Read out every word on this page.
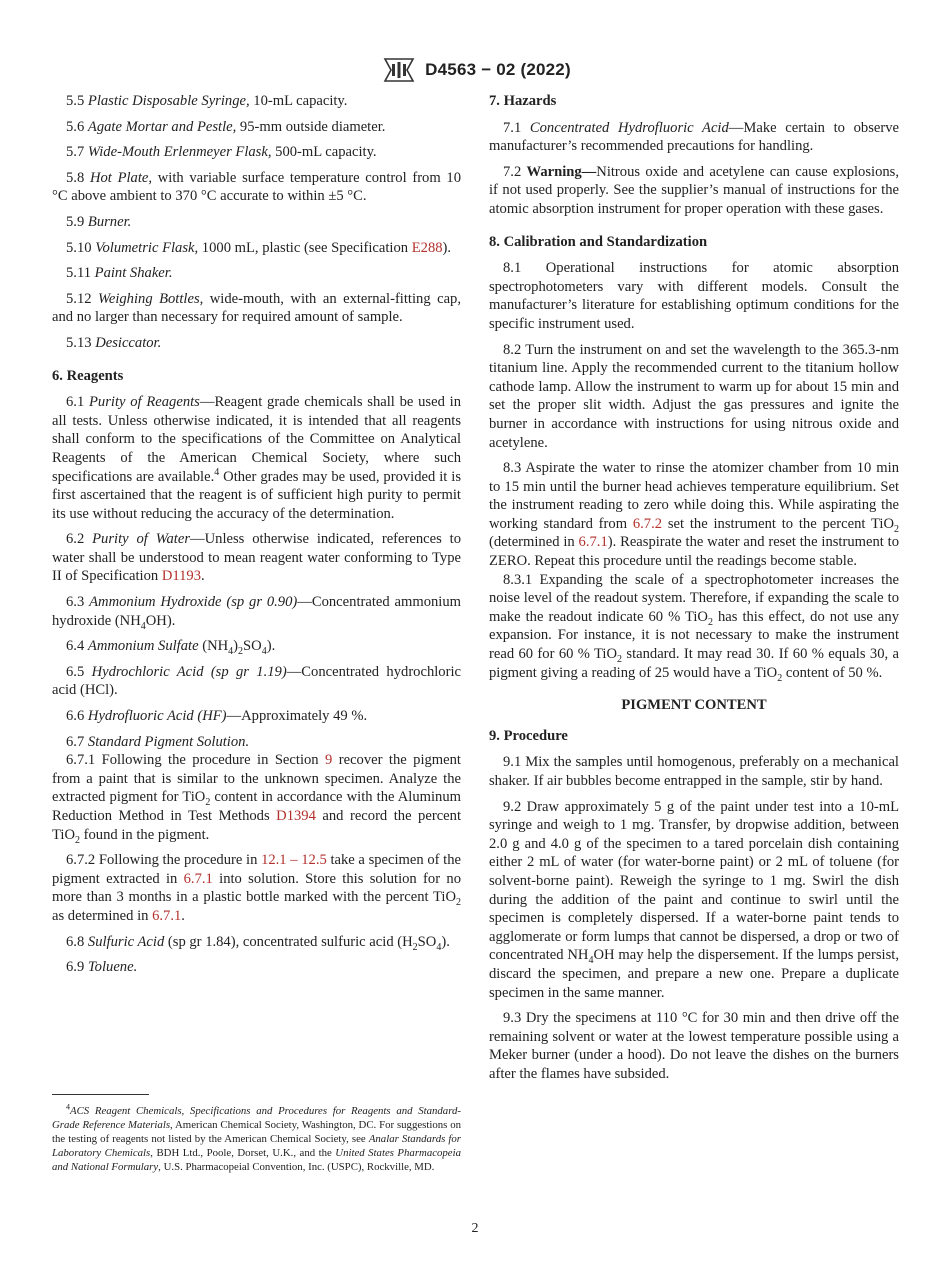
D4563 − 02 (2022)

5.5 Plastic Disposable Syringe, 10-mL capacity.

5.6 Agate Mortar and Pestle, 95-mm outside diameter.

5.7 Wide-Mouth Erlenmeyer Flask, 500-mL capacity.

5.8 Hot Plate, with variable surface temperature control from 10 °C above ambient to 370 °C accurate to within ±5 °C.

5.9 Burner.

5.10 Volumetric Flask, 1000 mL, plastic (see Specification E288).

5.11 Paint Shaker.

5.12 Weighing Bottles, wide-mouth, with an external-fitting cap, and no larger than necessary for required amount of sample.

5.13 Desiccator.

6. Reagents

6.1 Purity of Reagents—Reagent grade chemicals shall be used in all tests. Unless otherwise indicated, it is intended that all reagents shall conform to the specifications of the Committee on Analytical Reagents of the American Chemical Society, where such specifications are available.$^4$ Other grades may be used, provided it is first ascertained that the reagent is of sufficient high purity to permit its use without reducing the accuracy of the determination.

6.2 Purity of Water—Unless otherwise indicated, references to water shall be understood to mean reagent water conforming to Type II of Specification D1193.

6.3 Ammonium Hydroxide (sp gr 0.90)—Concentrated ammonium hydroxide $(NH_4OH)$.

6.4 Ammonium Sulfate $(NH_4)_2SO_4$).

6.5 Hydrochloric Acid (sp gr 1.19)—Concentrated hydrochloric acid (HCl).

6.6 Hydrofluoric Acid (HF)—Approximately 49 %.

6.7 Standard Pigment Solution.

6.7.1 Following the procedure in Section 9 recover the pigment from a paint that is similar to the unknown specimen. Analyze the extracted pigment for TiO$_2$ content in accordance with the Aluminum Reduction Method in Test Methods D1394 and record the percent TiO$_2$ found in the pigment.

6.7.2 Following the procedure in 12.1 – 12.5 take a specimen of the pigment extracted in 6.7.1 into solution. Store this solution for no more than 3 months in a plastic bottle marked with the percent TiO$_2$ as determined in 6.7.1.

6.8 Sulfuric Acid (sp gr 1.84), concentrated sulfuric acid $(H_2SO_4)$.

6.9 Toluene.

$^4$ACS Reagent Chemicals, Specifications and Procedures for Reagents and Standard-Grade Reference Materials, American Chemical Society, Washington, DC. For suggestions on the testing of reagents not listed by the American Chemical Society, see Analar Standards for Laboratory Chemicals, BDH Ltd., Poole, Dorset, U.K., and the United States Pharmacopeia and National Formulary, U.S. Pharmacopeial Convention, Inc. (USPC), Rockville, MD.

7. Hazards

7.1 Concentrated Hydrofluoric Acid—Make certain to observe manufacturer’s recommended precautions for handling.

7.2 Warning—Nitrous oxide and acetylene can cause explosions, if not used properly. See the supplier’s manual of instructions for the atomic absorption instrument for proper operation with these gases.

8. Calibration and Standardization

8.1 Operational instructions for atomic absorption spectrophotometers vary with different models. Consult the manufacturer’s literature for establishing optimum conditions for the specific instrument used.

8.2 Turn the instrument on and set the wavelength to the 365.3-nm titanium line. Apply the recommended current to the titanium hollow cathode lamp. Allow the instrument to warm up for about 15 min and set the proper slit width. Adjust the gas pressures and ignite the burner in accordance with instructions for using nitrous oxide and acetylene.

8.3 Aspirate the water to rinse the atomizer chamber from 10 min to 15 min until the burner head achieves temperature equilibrium. Set the instrument reading to zero while doing this. While aspirating the working standard from 6.7.2 set the instrument to the percent TiO$_2$ (determined in 6.7.1). Reaspirate the water and reset the instrument to ZERO. Repeat this procedure until the readings become stable.

8.3.1 Expanding the scale of a spectrophotometer increases the noise level of the readout system. Therefore, if expanding the scale to make the readout indicate 60 % TiO$_2$ has this effect, do not use any expansion. For instance, it is not necessary to make the instrument read 60 for 60 % TiO$_2$ standard. It may read 30. If 60 % equals 30, a pigment giving a reading of 25 would have a TiO$_2$ content of 50 %.

PIGMENT CONTENT
9. Procedure

9.1 Mix the samples until homogenous, preferably on a mechanical shaker. If air bubbles become entrapped in the sample, stir by hand.

9.2 Draw approximately 5 g of the paint under test into a 10-mL syringe and weigh to 1 mg. Transfer, by dropwise addition, between 2.0 g and 4.0 g of the specimen to a tared porcelain dish containing either 2 mL of water (for water-borne paint) or 2 mL of toluene (for solvent-borne paint). Reweigh the syringe to 1 mg. Swirl the dish during the addition of the paint and continue to swirl until the specimen is completely dispersed. If a water-borne paint tends to agglomerate or form lumps that cannot be dispersed, a drop or two of concentrated $NH_4OH$ may help the dispersement. If the lumps persist, discard the specimen, and prepare a new one. Prepare a duplicate specimen in the same manner.

9.3 Dry the specimens at 110 °C for 30 min and then drive off the remaining solvent or water at the lowest temperature possible using a Meker burner (under a hood). Do not leave the dishes on the burners after the flames have subsided.

2
